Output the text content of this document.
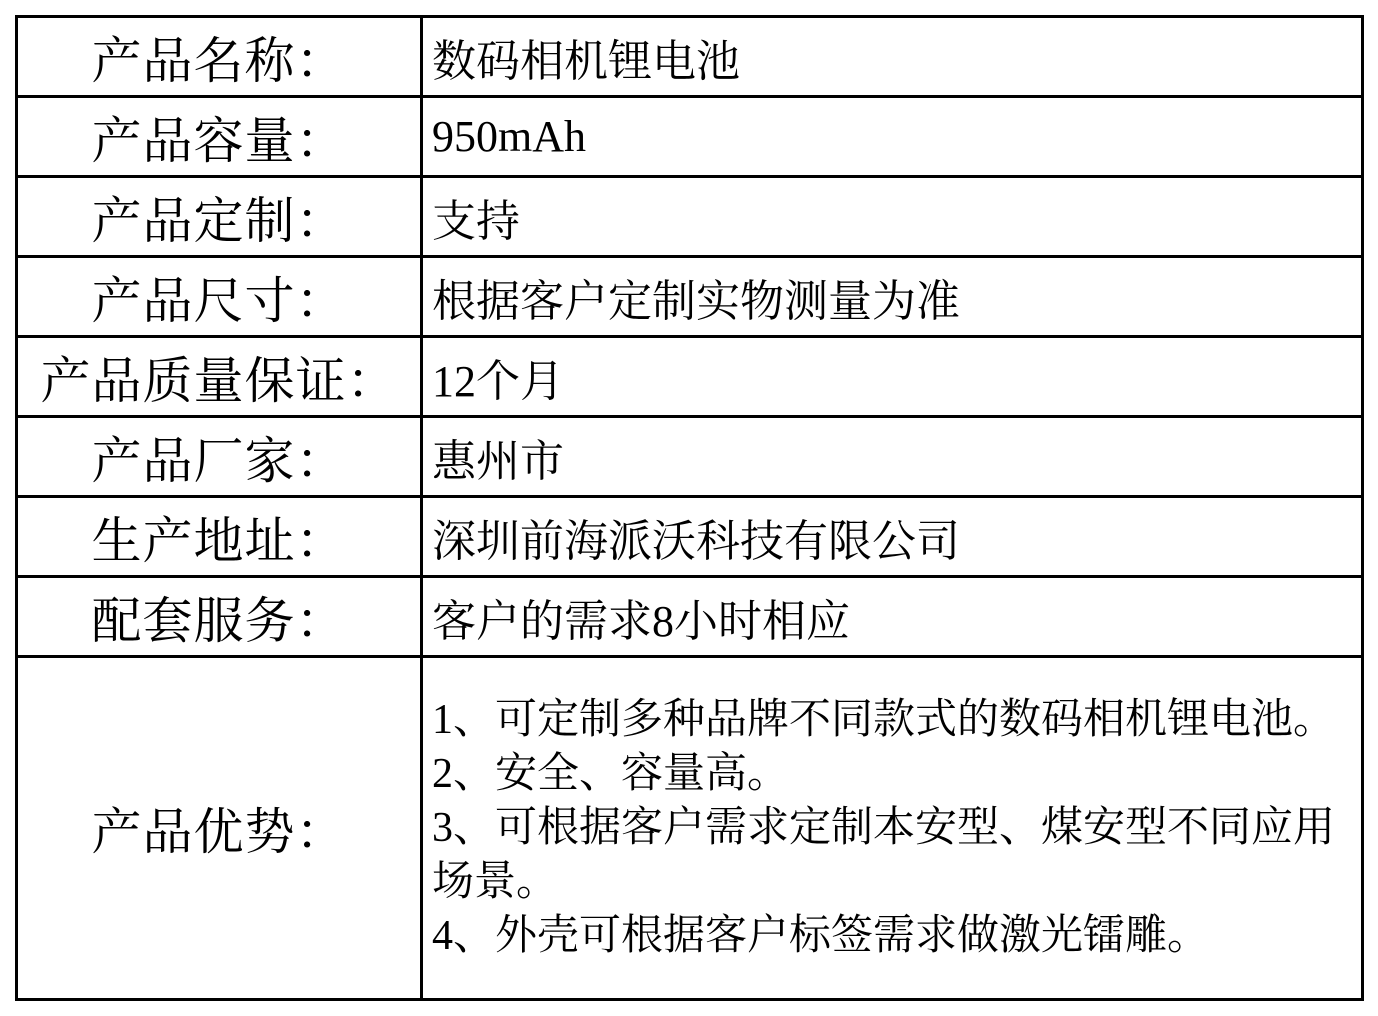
产品名称：	数码相机锂电池
产品容量：	950mAh
产品定制：	支持
产品尺寸：	根据客户定制实物测量为准
产品质量保证：	12个月
产品厂家：	惠州市
生产地址：	深圳前海派沃科技有限公司
配套服务：	客户的需求8小时相应
产品优势：	1、可定制多种品牌不同款式的数码相机锂电池。

2、安全、容量高。

3、可根据客户需求定制本安型、煤安型不同应用场景。

4、外壳可根据客户标签需求做激光镭雕。
